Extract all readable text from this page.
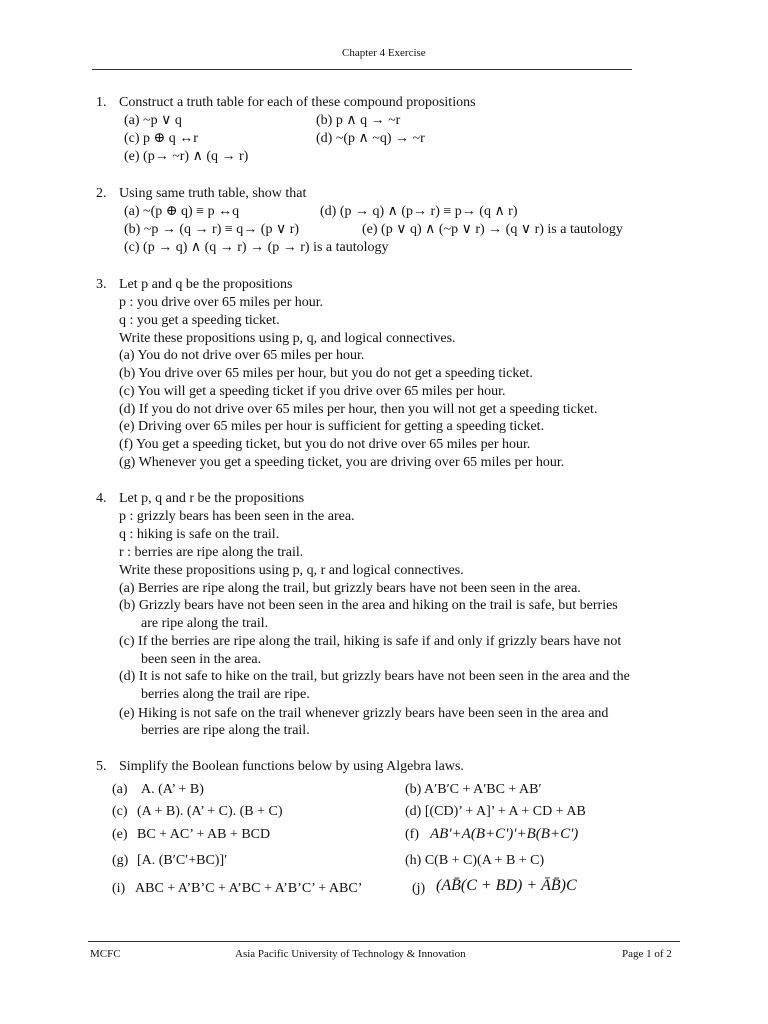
Chapter 4 Exercise
1. Construct a truth table for each of these compound propositions
(a) ~p ∨ q	(b) p ∧ q → ~r
(c) p ⊕ q ↔r	(d) ~(p ∧ ~q) → ~r
(e) (p→ ~r) ∧ (q → r)
2. Using same truth table, show that
(a) ~(p ⊕ q) ≡ p ↔q	(d) (p → q) ∧ (p→ r) ≡ p→ (q ∧ r)
(b) ~p → (q → r) ≡ q→ (p ∨ r)	(e) (p ∨ q) ∧ (~p ∨ r) → (q ∨ r) is a tautology
(c) (p → q) ∧ (q → r) → (p → r) is a tautology
3. Let p and q be the propositions
p : you drive over 65 miles per hour.
q : you get a speeding ticket.
Write these propositions using p, q, and logical connectives.
(a) You do not drive over 65 miles per hour.
(b) You drive over 65 miles per hour, but you do not get a speeding ticket.
(c) You will get a speeding ticket if you drive over 65 miles per hour.
(d) If you do not drive over 65 miles per hour, then you will not get a speeding ticket.
(e) Driving over 65 miles per hour is sufficient for getting a speeding ticket.
(f) You get a speeding ticket, but you do not drive over 65 miles per hour.
(g) Whenever you get a speeding ticket, you are driving over 65 miles per hour.
4. Let p, q and r be the propositions
p : grizzly bears has been seen in the area.
q : hiking is safe on the trail.
r : berries are ripe along the trail.
Write these propositions using p, q, r and logical connectives.
(a) Berries are ripe along the trail, but grizzly bears have not been seen in the area.
(b) Grizzly bears have not been seen in the area and hiking on the trail is safe, but berries
are ripe along the trail.
(c) If the berries are ripe along the trail, hiking is safe if and only if grizzly bears have not
been seen in the area.
(d) It is not safe to hike on the trail, but grizzly bears have not been seen in the area and the
berries along the trail are ripe.
(e) Hiking is not safe on the trail whenever grizzly bears have been seen in the area and
berries are ripe along the trail.
5. Simplify the Boolean functions below by using Algebra laws.
(a) A. (A’ + B)	(b) A′B′C + A′BC + AB′
(c) (A + B). (A’ + C). (B + C)	(d) [(CD)’ + A]’ + A + CD + AB
(e) BC + AC’ + AB + BCD	(f) AB'+A(B+C')'+B(B+C')
(g) [A. (B′C′+BC)]′	(h) C(B + C)(A + B + C)
(i) ABC + A’B’C + A’BC + A’B’C’ + ABC’	(j) (AB̄(C + BD) + ĀB̄)C
MCFC	Asia Pacific University of Technology & Innovation	Page 1 of 2
